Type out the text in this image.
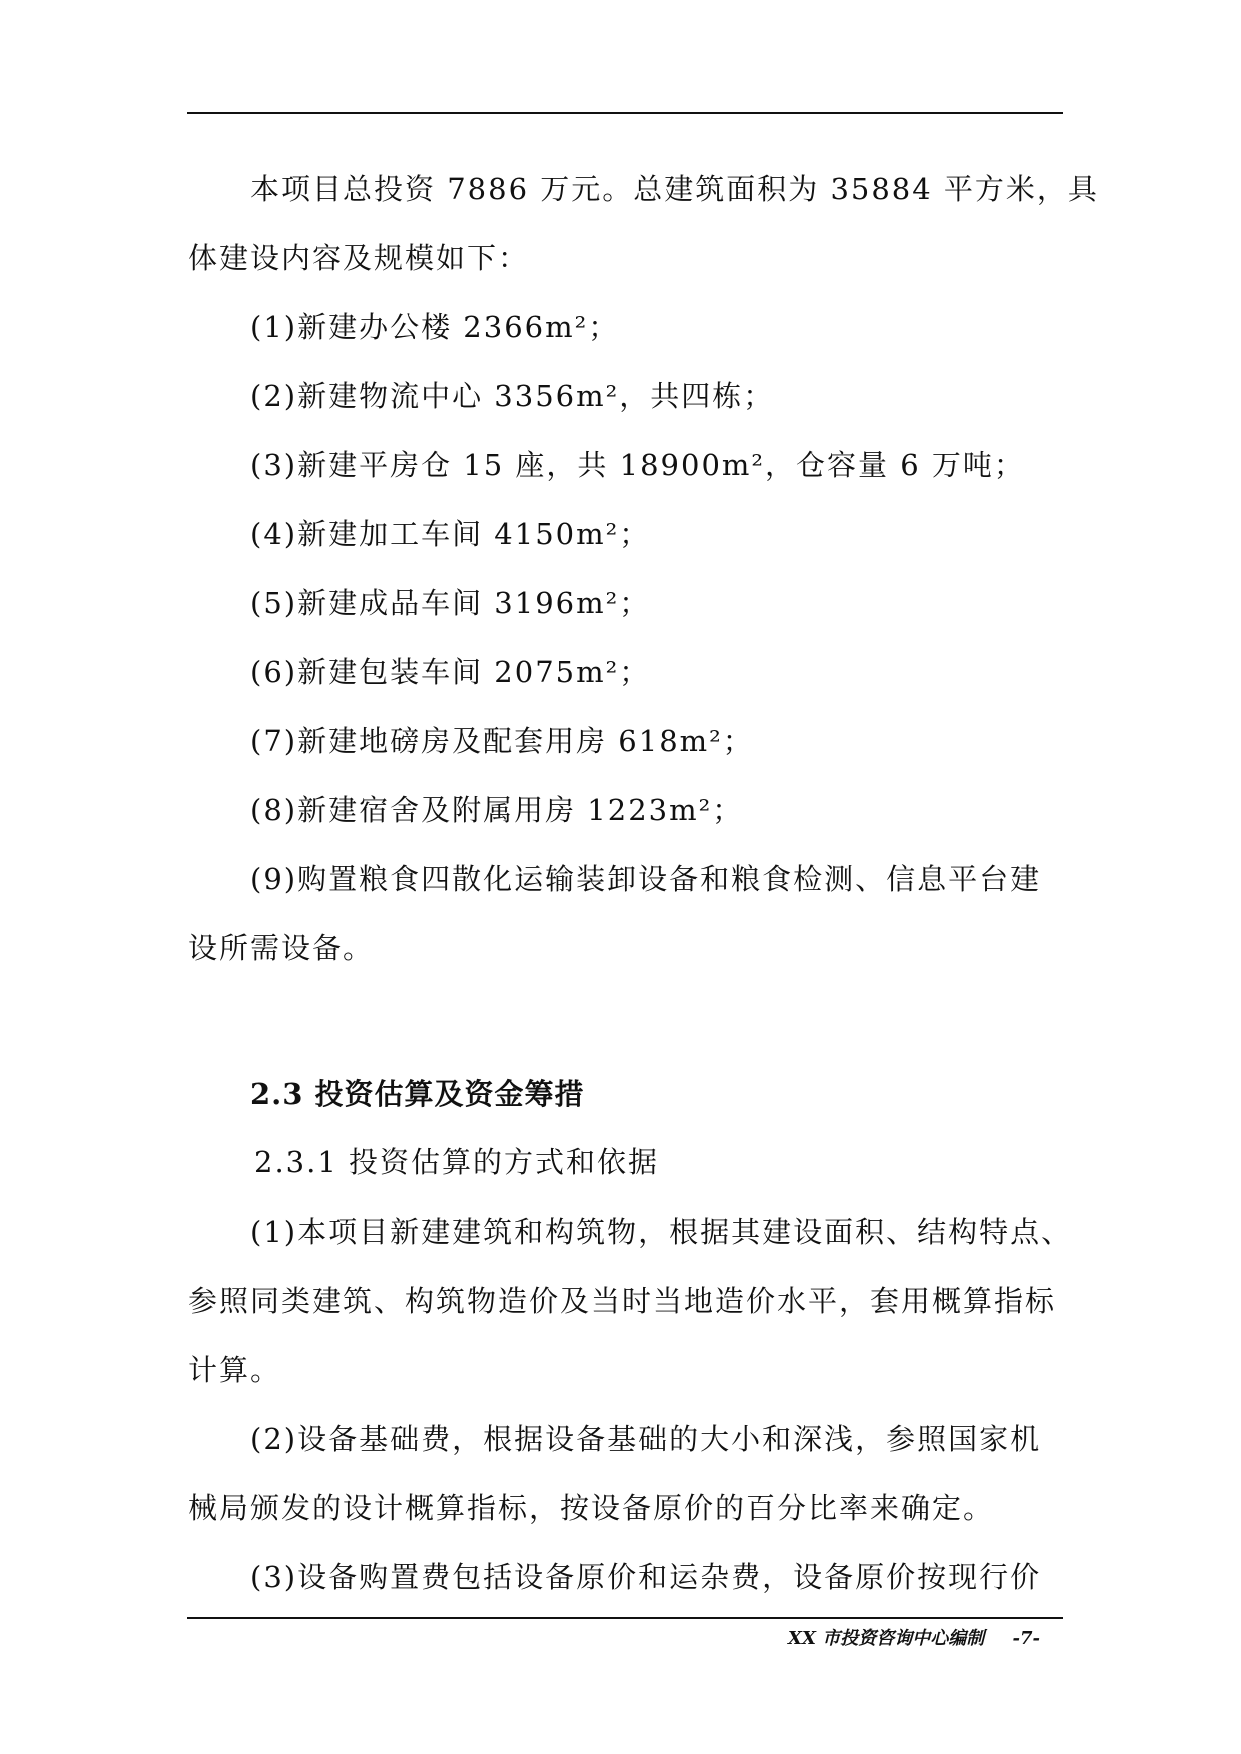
本项目总投资 7886 万元。总建筑面积为 35884 平方米，具
体建设内容及规模如下：
(1)新建办公楼 2366m²；
(2)新建物流中心 3356m²，共四栋；
(3)新建平房仓 15 座，共 18900m²，仓容量 6 万吨；
(4)新建加工车间 4150m²；
(5)新建成品车间 3196m²；
(6)新建包装车间 2075m²；
(7)新建地磅房及配套用房 618m²；
(8)新建宿舍及附属用房 1223m²；
(9)购置粮食四散化运输装卸设备和粮食检测、信息平台建
设所需设备。
2.3 投资估算及资金筹措
2.3.1 投资估算的方式和依据
(1)本项目新建建筑和构筑物，根据其建设面积、结构特点、
参照同类建筑、构筑物造价及当时当地造价水平，套用概算指标
计算。
(2)设备基础费，根据设备基础的大小和深浅，参照国家机
械局颁发的设计概算指标，按设备原价的百分比率来确定。
(3)设备购置费包括设备原价和运杂费，设备原价按现行价
XX 市投资咨询中心编制 -7-
